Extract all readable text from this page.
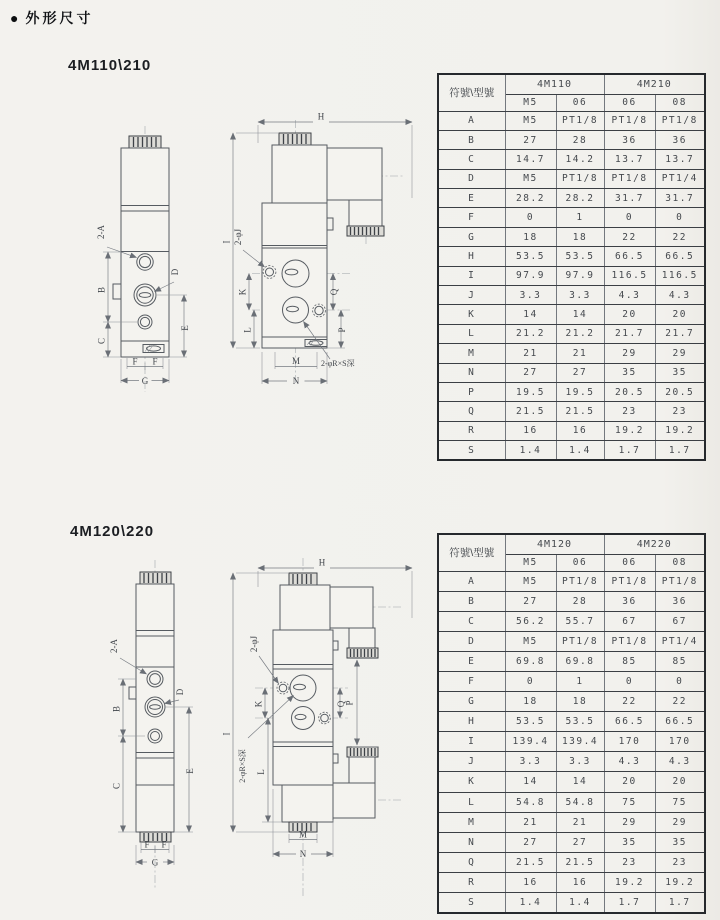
● 外形尺寸
4M110\210
4M120\220
2-A
D
B
C
E
F F
G
H
I 2-φJ
K
L
Q
P
M
N
2-φR×S深
2-A
D
B
C
E
F F
G
H
I
2-φJ
2-φR×S深
K
L
Q
P
M
N
符號\型號	4M110		4M210	
	M5	06	06	08
A	M5	PT1/8	PT1/8	PT1/8
B	27	28	36	36
C	14.7	14.2	13.7	13.7
D	M5	PT1/8	PT1/8	PT1/4
E	28.2	28.2	31.7	31.7
F	0	1	0	0
G	18	18	22	22
H	53.5	53.5	66.5	66.5
I	97.9	97.9	116.5	116.5
J	3.3	3.3	4.3	4.3
K	14	14	20	20
L	21.2	21.2	21.7	21.7
M	21	21	29	29
N	27	27	35	35
P	19.5	19.5	20.5	20.5
Q	21.5	21.5	23	23
R	16	16	19.2	19.2
S	1.4	1.4	1.7	1.7
符號\型號	4M120		4M220	
	M5	06	06	08
A	M5	PT1/8	PT1/8	PT1/8
B	27	28	36	36
C	56.2	55.7	67	67
D	M5	PT1/8	PT1/8	PT1/4
E	69.8	69.8	85	85
F	0	1	0	0
G	18	18	22	22
H	53.5	53.5	66.5	66.5
I	139.4	139.4	170	170
J	3.3	3.3	4.3	4.3
K	14	14	20	20
L	54.8	54.8	75	75
M	21	21	29	29
N	27	27	35	35
Q	21.5	21.5	23	23
R	16	16	19.2	19.2
S	1.4	1.4	1.7	1.7
